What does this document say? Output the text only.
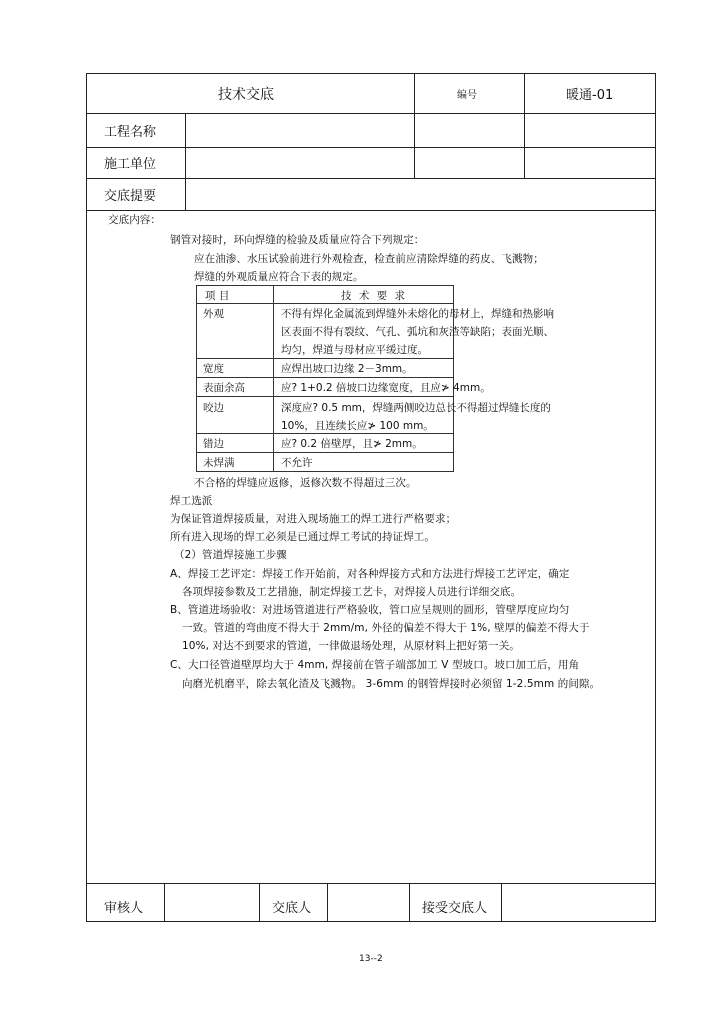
技术交底	编号	暖通-01
工程名称
施工单位
交底提要
交底内容：
钢管对接时，环向焊缝的检验及质量应符合下列规定：
应在油渗、水压试验前进行外观检查，检查前应清除焊缝的药皮、飞溅物；
焊缝的外观质量应符合下表的规定。
项 目	技 术 要 求
外观	不得有焊化金属流到焊缝外未熔化的母材上，焊缝和热影响
区表面不得有裂纹、气孔、弧坑和灰渣等缺陷；表面光顺、
均匀，焊道与母材应平缓过度。
宽度	应焊出坡口边缘 2－3mm。
表面余高	应? 1+0.2 倍坡口边缘宽度，且应≯ 4mm。
咬边	深度应? 0.5 mm，焊缝两侧咬边总长不得超过焊缝长度的
10%，且连续长应≯ 100 mm。
错边	应? 0.2 倍壁厚，且≯ 2mm。
未焊满	不允许
不合格的焊缝应返修，返修次数不得超过三次。
焊工选派
为保证管道焊接质量，对进入现场施工的焊工进行严格要求；
所有进入现场的焊工必须是已通过焊工考试的持证焊工。
（2）管道焊接施工步骤
A、焊接工艺评定：焊接工作开始前，对各种焊接方式和方法进行焊接工艺评定，确定
各项焊接参数及工艺措施，制定焊接工艺卡，对焊接人员进行详细交底。
B、管道进场验收：对进场管道进行严格验收，管口应呈规则的圆形，管壁厚度应均匀
一致。管道的弯曲度不得大于 2mm/m, 外径的偏差不得大于 1%, 壁厚的偏差不得大于
10%, 对达不到要求的管道，一律做退场处理，从原材料上把好第一关。
C、大口径管道壁厚均大于 4mm, 焊接前在管子端部加工 V 型坡口。坡口加工后，用角
向磨光机磨平，除去氧化渣及飞溅物。 3-6mm 的钢管焊接时必须留 1-2.5mm 的间隙。
审核人	交底人	接受交底人
13--2
